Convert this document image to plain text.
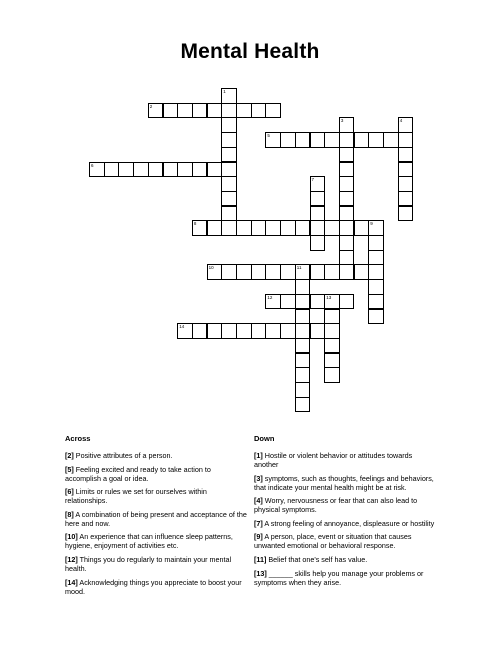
Mental Health
2
1
3	4
5
6
7
8	9
10	11
12	13
14
Across	Down
[2] Positive attributes of a person.
[5] Feeling excited and ready to take action to accomplish a goal or idea.
[6] Limits or rules we set for ourselves within relationships.
[8] A combination of being present and acceptance of the here and now.
[10] An experience that can influence sleep patterns, hygiene, enjoyment of activities etc.
[12] Things you do regularly to maintain your mental health.
[14] Acknowledging things you appreciate to boost your mood.
[1] Hostile or violent behavior or attitudes towards another
[3] symptoms, such as thoughts, feelings and behaviors, that indicate your mental health might be at risk.
[4] Worry, nervousness or fear that can also lead to physical symptoms.
[7] A strong feeling of annoyance, displeasure or hostility
[9] A person, place, event or situation that causes unwanted emotional or behavioral response.
[11] Belief that one's self has value.
[13] ______ skills help you manage your problems or symptoms when they arise.
